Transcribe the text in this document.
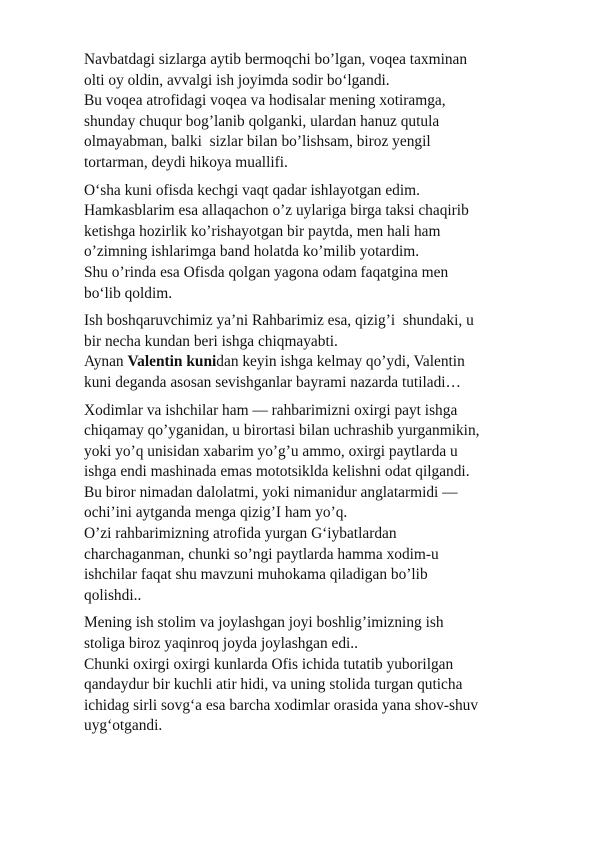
Navbatdagi sizlarga aytib bermoqchi bo’lgan, voqea taxminan
olti oy oldin, avvalgi ish joyimda sodir bo‘lgandi.
Bu voqea atrofidagi voqea va hodisalar mening xotiramga,
shunday chuqur bog’lanib qolganki, ulardan hanuz qutula
olmayabman, balki  sizlar bilan bo’lishsam, biroz yengil
tortarman, deydi hikoya muallifi.

O‘sha kuni ofisda kechgi vaqt qadar ishlayotgan edim.
Hamkasblarim esa allaqachon o’z uylariga birga taksi chaqirib
ketishga hozirlik ko’rishayotgan bir paytda, men hali ham
o’zimning ishlarimga band holatda ko’milib yotardim.
Shu o’rinda esa Ofisda qolgan yagona odam faqatgina men
bo‘lib qoldim.

Ish boshqaruvchimiz ya’ni Rahbarimiz esa, qizig’i  shundaki, u
bir necha kundan beri ishga chiqmayabti.
Aynan Valentin kunidan keyin ishga kelmay qo’ydi, Valentin
kuni deganda asosan sevishganlar bayrami nazarda tutiladi…

Xodimlar va ishchilar ham — rahbarimizni oxirgi payt ishga
chiqamay qo’yganidan, u birortasi bilan uchrashib yurganmikin,
yoki yo’q unisidan xabarim yo’g’u ammo, oxirgi paytlarda u
ishga endi mashinada emas mototsiklda kelishni odat qilgandi.
Bu biror nimadan dalolatmi, yoki nimanidur anglatarmidi —
ochi’ini aytganda menga qizig’I ham yo’q.
O’zi rahbarimizning atrofida yurgan G‘iybatlardan
charchaganman, chunki so’ngi paytlarda hamma xodim-u
ishchilar faqat shu mavzuni muhokama qiladigan bo’lib
qolishdi..

Mening ish stolim va joylashgan joyi boshlig’imizning ish
stoliga biroz yaqinroq joyda joylashgan edi..
Chunki oxirgi oxirgi kunlarda Ofis ichida tutatib yuborilgan
qandaydur bir kuchli atir hidi, va uning stolida turgan quticha
ichidag sirli sovg‘a esa barcha xodimlar orasida yana shov-shuv
uyg‘otgandi.
